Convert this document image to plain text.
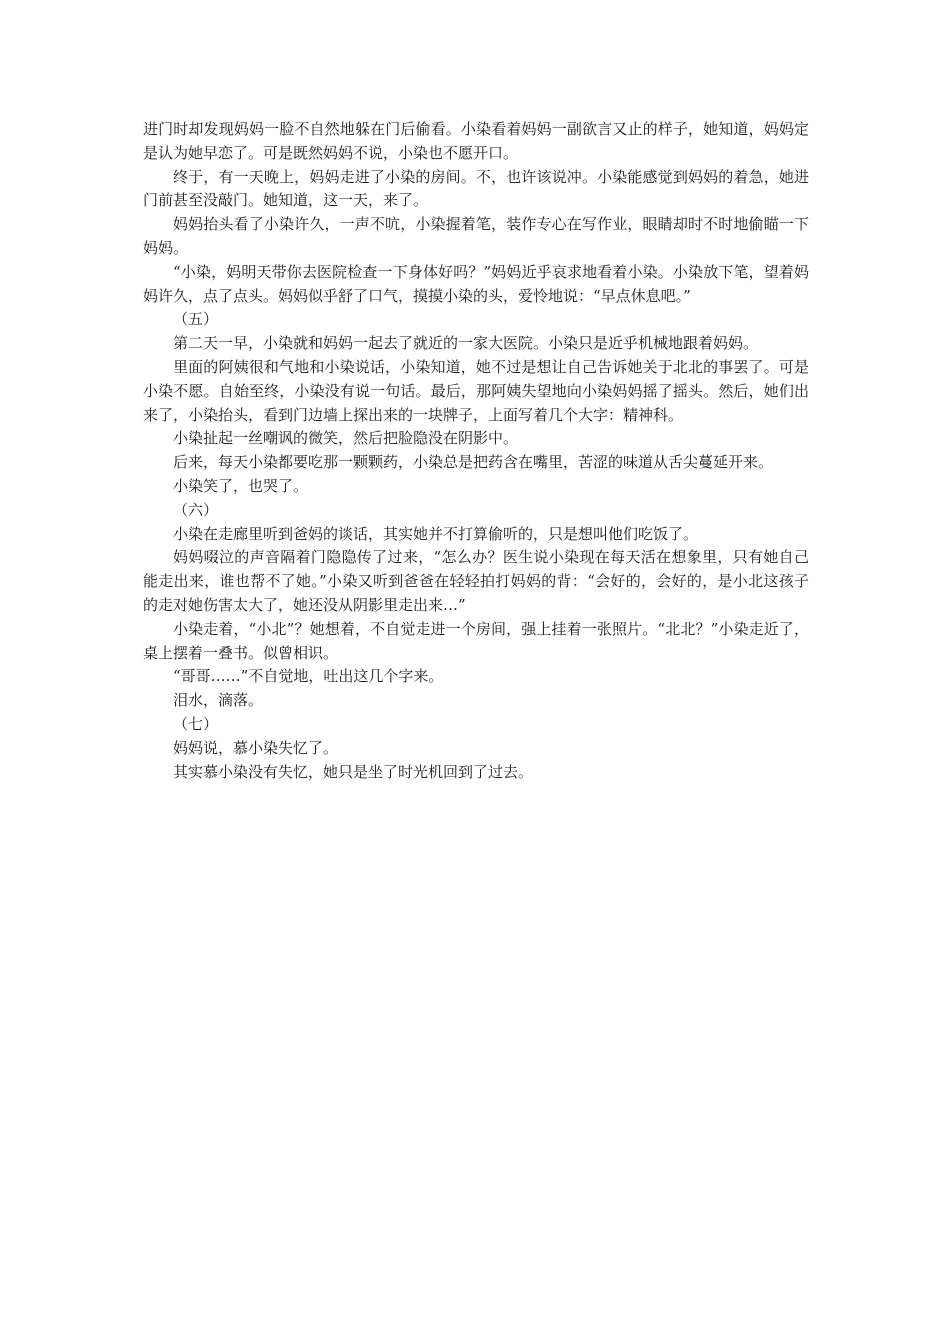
进门时却发现妈妈一脸不自然地躲在门后偷看。小染看着妈妈一副欲言又止的样子，她知道，妈妈定是认为她早恋了。可是既然妈妈不说，小染也不愿开口。

终于，有一天晚上，妈妈走进了小染的房间。不，也许该说冲。小染能感觉到妈妈的着急，她进门前甚至没敲门。她知道，这一天，来了。

妈妈抬头看了小染许久，一声不吭，小染握着笔，装作专心在写作业，眼睛却时不时地偷瞄一下妈妈。

“小染，妈明天带你去医院检查一下身体好吗？”妈妈近乎哀求地看着小染。小染放下笔，望着妈妈许久，点了点头。妈妈似乎舒了口气，摸摸小染的头，爱怜地说：“早点休息吧。”

（五）

第二天一早，小染就和妈妈一起去了就近的一家大医院。小染只是近乎机械地跟着妈妈。

里面的阿姨很和气地和小染说话，小染知道，她不过是想让自己告诉她关于北北的事罢了。可是小染不愿。自始至终，小染没有说一句话。最后，那阿姨失望地向小染妈妈摇了摇头。然后，她们出来了，小染抬头，看到门边墙上探出来的一块牌子，上面写着几个大字：精神科。

小染扯起一丝嘲讽的微笑，然后把脸隐没在阴影中。

后来，每天小染都要吃那一颗颗药，小染总是把药含在嘴里，苦涩的味道从舌尖蔓延开来。

小染笑了，也哭了。

（六）

小染在走廊里听到爸妈的谈话，其实她并不打算偷听的，只是想叫他们吃饭了。

妈妈啜泣的声音隔着门隐隐传了过来，“怎么办？医生说小染现在每天活在想象里，只有她自己能走出来，谁也帮不了她。”小染又听到爸爸在轻轻拍打妈妈的背：“会好的，会好的，是小北这孩子的走对她伤害太大了，她还没从阴影里走出来…”

小染走着，“小北”？她想着，不自觉走进一个房间，强上挂着一张照片。“北北？”小染走近了，桌上摆着一叠书。似曾相识。

“哥哥……”不自觉地，吐出这几个字来。

泪水，滴落。

（七）

妈妈说，慕小染失忆了。

其实慕小染没有失忆，她只是坐了时光机回到了过去。
